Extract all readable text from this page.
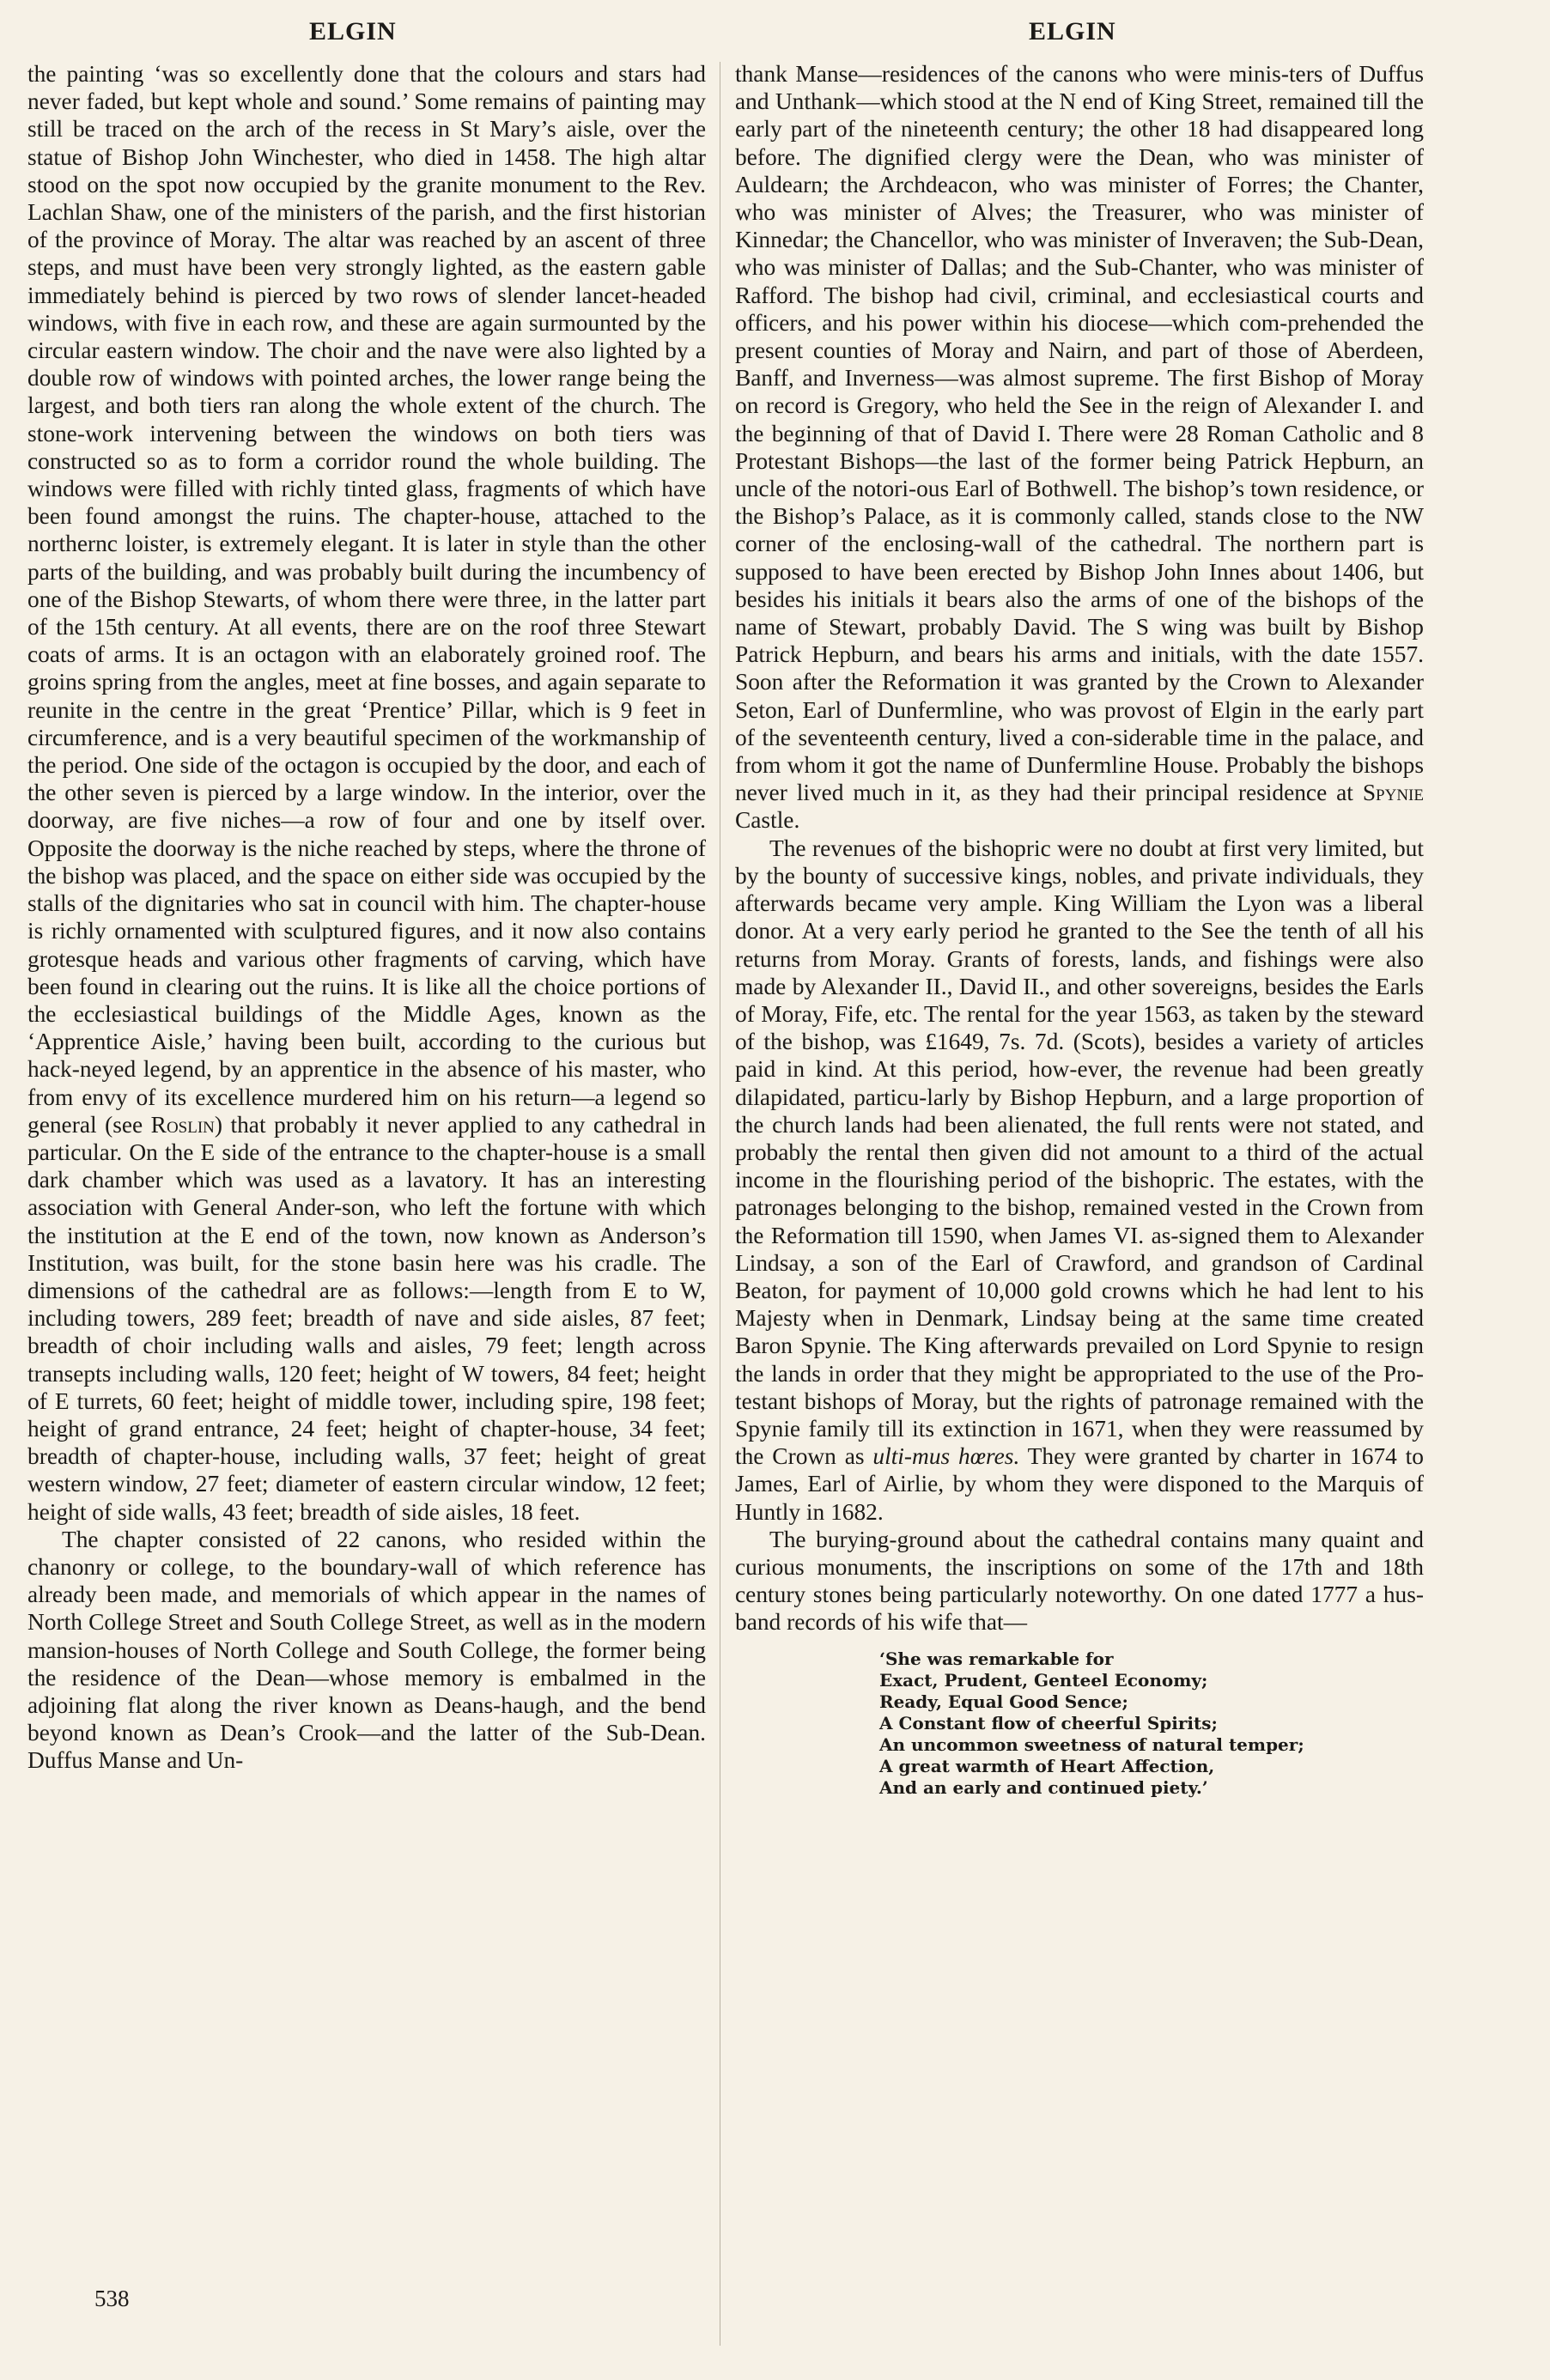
ELGIN	ELGIN

the painting ‘was so excellently done that the colours and stars had never faded, but kept whole and sound.’ Some remains of painting may still be traced on the arch of the recess in St Mary’s aisle, over the statue of Bishop John Winchester, who died in 1458. The high altar stood on the spot now occupied by the granite monument to the Rev. Lachlan Shaw, one of the ministers of the parish, and the first historian of the province of Moray. The altar was reached by an ascent of three steps, and must have been very strongly lighted, as the eastern gable immediately behind is pierced by two rows of slender lancet-headed windows, with five in each row, and these are again surmounted by the circular eastern window. The choir and the nave were also lighted by a double row of windows with pointed arches, the lower range being the largest, and both tiers ran along the whole extent of the church. The stone-work intervening between the windows on both tiers was constructed so as to form a corridor round the whole building. The windows were filled with richly tinted glass, fragments of which have been found amongst the ruins. The chapter-house, attached to the northernc loister, is extremely elegant. It is later in style than the other parts of the building, and was probably built during the incumbency of one of the Bishop Stewarts, of whom there were three, in the latter part of the 15th century. At all events, there are on the roof three Stewart coats of arms. It is an octagon with an elaborately groined roof. The groins spring from the angles, meet at fine bosses, and again separate to reunite in the centre in the great ‘Prentice’ Pillar, which is 9 feet in circumference, and is a very beautiful specimen of the workmanship of the period. One side of the octagon is occupied by the door, and each of the other seven is pierced by a large window. In the interior, over the doorway, are five niches—a row of four and one by itself over. Opposite the doorway is the niche reached by steps, where the throne of the bishop was placed, and the space on either side was occupied by the stalls of the dignitaries who sat in council with him. The chapter-house is richly ornamented with sculptured figures, and it now also contains grotesque heads and various other fragments of carving, which have been found in clearing out the ruins. It is like all the choice portions of the ecclesiastical buildings of the Middle Ages, known as the ‘Apprentice Aisle,’ having been built, according to the curious but hack-neyed legend, by an apprentice in the absence of his master, who from envy of its excellence murdered him on his return—a legend so general (see Roslin) that probably it never applied to any cathedral in particular. On the E side of the entrance to the chapter-house is a small dark chamber which was used as a lavatory. It has an interesting association with General Ander-son, who left the fortune with which the institution at the E end of the town, now known as Anderson’s Institution, was built, for the stone basin here was his cradle. The dimensions of the cathedral are as follows:—length from E to W, including towers, 289 feet; breadth of nave and side aisles, 87 feet; breadth of choir including walls and aisles, 79 feet; length across transepts including walls, 120 feet; height of W towers, 84 feet; height of E turrets, 60 feet; height of middle tower, including spire, 198 feet; height of grand entrance, 24 feet; height of chapter-house, 34 feet; breadth of chapter-house, including walls, 37 feet; height of great western window, 27 feet; diameter of eastern circular window, 12 feet; height of side walls, 43 feet; breadth of side aisles, 18 feet.

The chapter consisted of 22 canons, who resided within the chanonry or college, to the boundary-wall of which reference has already been made, and memorials of which appear in the names of North College Street and South College Street, as well as in the modern mansion-houses of North College and South College, the former being the residence of the Dean—whose memory is embalmed in the adjoining flat along the river known as Deans-haugh, and the bend beyond known as Dean’s Crook—and the latter of the Sub-Dean. Duffus Manse and Un-

thank Manse—residences of the canons who were minis-ters of Duffus and Unthank—which stood at the N end of King Street, remained till the early part of the nineteenth century; the other 18 had disappeared long before. The dignified clergy were the Dean, who was minister of Auldearn; the Archdeacon, who was minister of Forres; the Chanter, who was minister of Alves; the Treasurer, who was minister of Kinnedar; the Chancellor, who was minister of Inveraven; the Sub-Dean, who was minister of Dallas; and the Sub-Chanter, who was minister of Rafford. The bishop had civil, criminal, and ecclesiastical courts and officers, and his power within his diocese—which com-prehended the present counties of Moray and Nairn, and part of those of Aberdeen, Banff, and Inverness—was almost supreme. The first Bishop of Moray on record is Gregory, who held the See in the reign of Alexander I. and the beginning of that of David I. There were 28 Roman Catholic and 8 Protestant Bishops—the last of the former being Patrick Hepburn, an uncle of the notori-ous Earl of Bothwell. The bishop’s town residence, or the Bishop’s Palace, as it is commonly called, stands close to the NW corner of the enclosing-wall of the cathedral. The northern part is supposed to have been erected by Bishop John Innes about 1406, but besides his initials it bears also the arms of one of the bishops of the name of Stewart, probably David. The S wing was built by Bishop Patrick Hepburn, and bears his arms and initials, with the date 1557. Soon after the Reformation it was granted by the Crown to Alexander Seton, Earl of Dunfermline, who was provost of Elgin in the early part of the seventeenth century, lived a con-siderable time in the palace, and from whom it got the name of Dunfermline House. Probably the bishops never lived much in it, as they had their principal residence at Spynie Castle.

The revenues of the bishopric were no doubt at first very limited, but by the bounty of successive kings, nobles, and private individuals, they afterwards became very ample. King William the Lyon was a liberal donor. At a very early period he granted to the See the tenth of all his returns from Moray. Grants of forests, lands, and fishings were also made by Alexander II., David II., and other sovereigns, besides the Earls of Moray, Fife, etc. The rental for the year 1563, as taken by the steward of the bishop, was £1649, 7s. 7d. (Scots), besides a variety of articles paid in kind. At this period, how-ever, the revenue had been greatly dilapidated, particu-larly by Bishop Hepburn, and a large proportion of the church lands had been alienated, the full rents were not stated, and probably the rental then given did not amount to a third of the actual income in the flourishing period of the bishopric. The estates, with the patronages belonging to the bishop, remained vested in the Crown from the Reformation till 1590, when James VI. as-signed them to Alexander Lindsay, a son of the Earl of Crawford, and grandson of Cardinal Beaton, for payment of 10,000 gold crowns which he had lent to his Majesty when in Denmark, Lindsay being at the same time created Baron Spynie. The King afterwards prevailed on Lord Spynie to resign the lands in order that they might be appropriated to the use of the Pro-testant bishops of Moray, but the rights of patronage remained with the Spynie family till its extinction in 1671, when they were reassumed by the Crown as ulti-mus hœres. They were granted by charter in 1674 to James, Earl of Airlie, by whom they were disponed to the Marquis of Huntly in 1682.

The burying-ground about the cathedral contains many quaint and curious monuments, the inscriptions on some of the 17th and 18th century stones being particularly noteworthy. On one dated 1777 a hus-band records of his wife that—

‘She was remarkable for
Exact, Prudent, Genteel Economy;
Ready, Equal Good Sence;
A Constant flow of cheerful Spirits;
An uncommon sweetness of natural temper;
A great warmth of Heart Affection,
And an early and continued piety.’
538
